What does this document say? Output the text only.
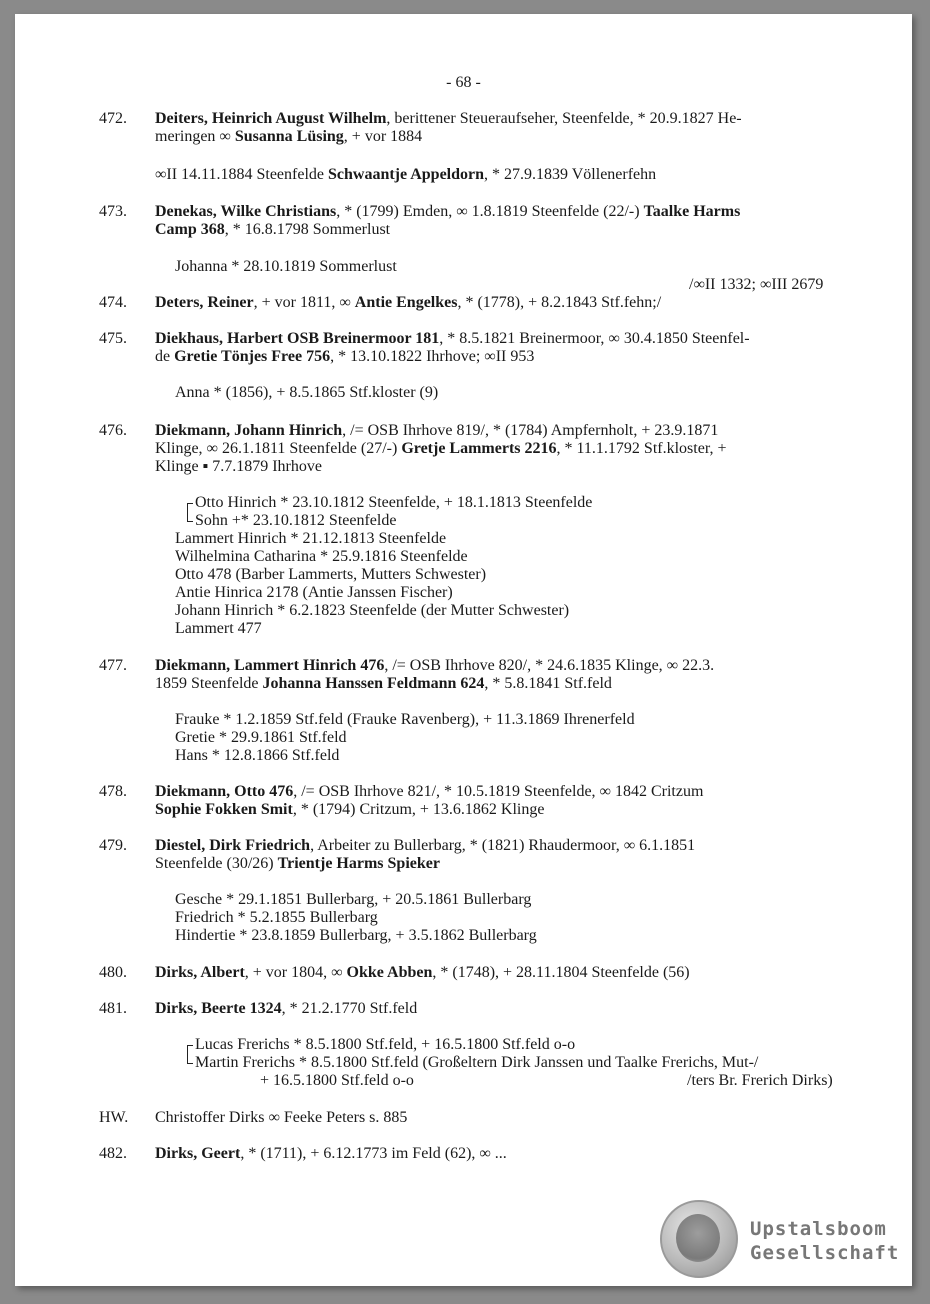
- 68 -
472. Deiters, Heinrich August Wilhelm, berittener Steueraufseher, Steenfelde, * 20.9.1827 He-
meringen ∞ Susanna Lüsing, + vor 1884
∞II 14.11.1884 Steenfelde Schwaantje Appeldorn, * 27.9.1839 Völlenerfehn
473. Denekas, Wilke Christians, * (1799) Emden, ∞ 1.8.1819 Steenfelde (22/-) Taalke Harms
Camp 368, * 16.8.1798 Sommerlust
Johanna * 28.10.1819 Sommerlust
/∞II 1332; ∞III 2679
474. Deters, Reiner, + vor 1811, ∞ Antie Engelkes, * (1778), + 8.2.1843 Stf.fehn;/
475. Diekhaus, Harbert OSB Breinermoor 181, * 8.5.1821 Breinermoor, ∞ 30.4.1850 Steenfel-
de Gretie Tönjes Free 756, * 13.10.1822 Ihrhove; ∞II 953
Anna * (1856), + 8.5.1865 Stf.kloster (9)
476. Diekmann, Johann Hinrich, /= OSB Ihrhove 819/, * (1784) Ampfernholt, + 23.9.1871
Klinge, ∞ 26.1.1811 Steenfelde (27/-) Gretje Lammerts 2216, * 11.1.1792 Stf.kloster, +
Klinge ▪ 7.7.1879 Ihrhove
Otto Hinrich * 23.10.1812 Steenfelde, + 18.1.1813 Steenfelde
Sohn +* 23.10.1812 Steenfelde
Lammert Hinrich * 21.12.1813 Steenfelde
Wilhelmina Catharina * 25.9.1816 Steenfelde
Otto 478 (Barber Lammerts, Mutters Schwester)
Antie Hinrica 2178 (Antie Janssen Fischer)
Johann Hinrich * 6.2.1823 Steenfelde (der Mutter Schwester)
Lammert 477
477. Diekmann, Lammert Hinrich 476, /= OSB Ihrhove 820/, * 24.6.1835 Klinge, ∞ 22.3.
1859 Steenfelde Johanna Hanssen Feldmann 624, * 5.8.1841 Stf.feld
Frauke * 1.2.1859 Stf.feld (Frauke Ravenberg), + 11.3.1869 Ihrenerfeld
Gretie * 29.9.1861 Stf.feld
Hans * 12.8.1866 Stf.feld
478. Diekmann, Otto 476, /= OSB Ihrhove 821/, * 10.5.1819 Steenfelde, ∞ 1842 Critzum
Sophie Fokken Smit, * (1794) Critzum, + 13.6.1862 Klinge
479. Diestel, Dirk Friedrich, Arbeiter zu Bullerbarg, * (1821) Rhaudermoor, ∞ 6.1.1851
Steenfelde (30/26) Trientje Harms Spieker
Gesche * 29.1.1851 Bullerbarg, + 20.5.1861 Bullerbarg
Friedrich * 5.2.1855 Bullerbarg
Hindertie * 23.8.1859 Bullerbarg, + 3.5.1862 Bullerbarg
480. Dirks, Albert, + vor 1804, ∞ Okke Abben, * (1748), + 28.11.1804 Steenfelde (56)
481. Dirks, Beerte 1324, * 21.2.1770 Stf.feld
Lucas Frerichs * 8.5.1800 Stf.feld, + 16.5.1800 Stf.feld o-o
Martin Frerichs * 8.5.1800 Stf.feld (Großeltern Dirk Janssen und Taalke Frerichs, Mut-/
+ 16.5.1800 Stf.feld o-o	/ters Br. Frerich Dirks)
HW. Christoffer Dirks ∞ Feeke Peters s. 885
482. Dirks, Geert, * (1711), + 6.12.1773 im Feld (62), ∞ ...
Upstalsboom
Gesellschaft
